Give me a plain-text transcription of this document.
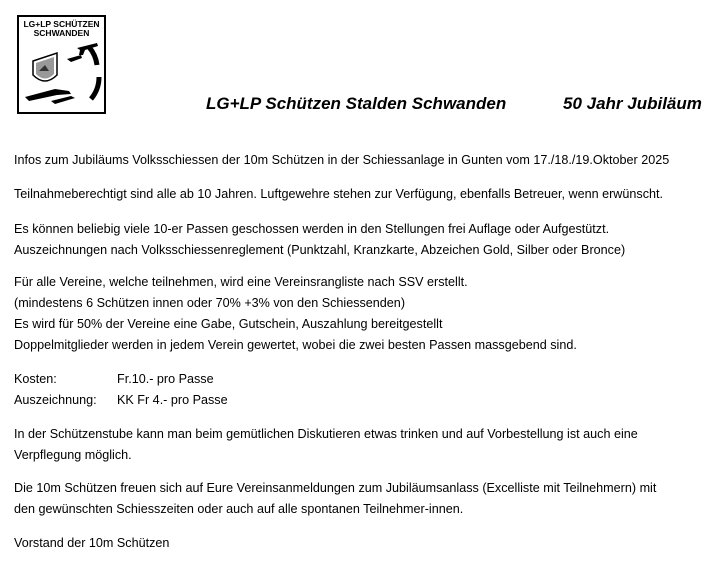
LG+LP SCHÜTZEN
SCHWANDEN
LG+LP Schützen Stalden Schwanden	50 Jahr Jubiläum
Infos zum Jubiläums Volksschiessen der 10m Schützen in der Schiessanlage in Gunten vom 17./18./19.Oktober 2025
Teilnahmeberechtigt sind alle ab 10 Jahren. Luftgewehre stehen zur Verfügung, ebenfalls Betreuer, wenn erwünscht.
Es können beliebig viele 10-er Passen geschossen werden in den Stellungen frei Auflage oder Aufgestützt.
Auszeichnungen nach Volksschiessenreglement (Punktzahl, Kranzkarte, Abzeichen Gold, Silber oder Bronce)
Für alle Vereine, welche teilnehmen, wird eine Vereinsrangliste nach SSV erstellt.
(mindestens 6 Schützen innen oder 70% +3% von den Schiessenden)
Es wird für 50% der Vereine eine Gabe, Gutschein, Auszahlung bereitgestellt
Doppelmitglieder werden in jedem Verein gewertet, wobei die zwei besten Passen massgebend sind.
Kosten:	Fr.10.- pro Passe
Auszeichnung: KK Fr 4.- pro Passe
In der Schützenstube kann man beim gemütlichen Diskutieren etwas trinken und auf Vorbestellung ist auch eine
Verpflegung möglich.
Die 10m Schützen freuen sich auf Eure Vereinsanmeldungen zum Jubiläumsanlass (Excelliste mit Teilnehmern) mit
den gewünschten Schiesszeiten oder auch auf alle spontanen Teilnehmer-innen.
Vorstand der 10m Schützen
